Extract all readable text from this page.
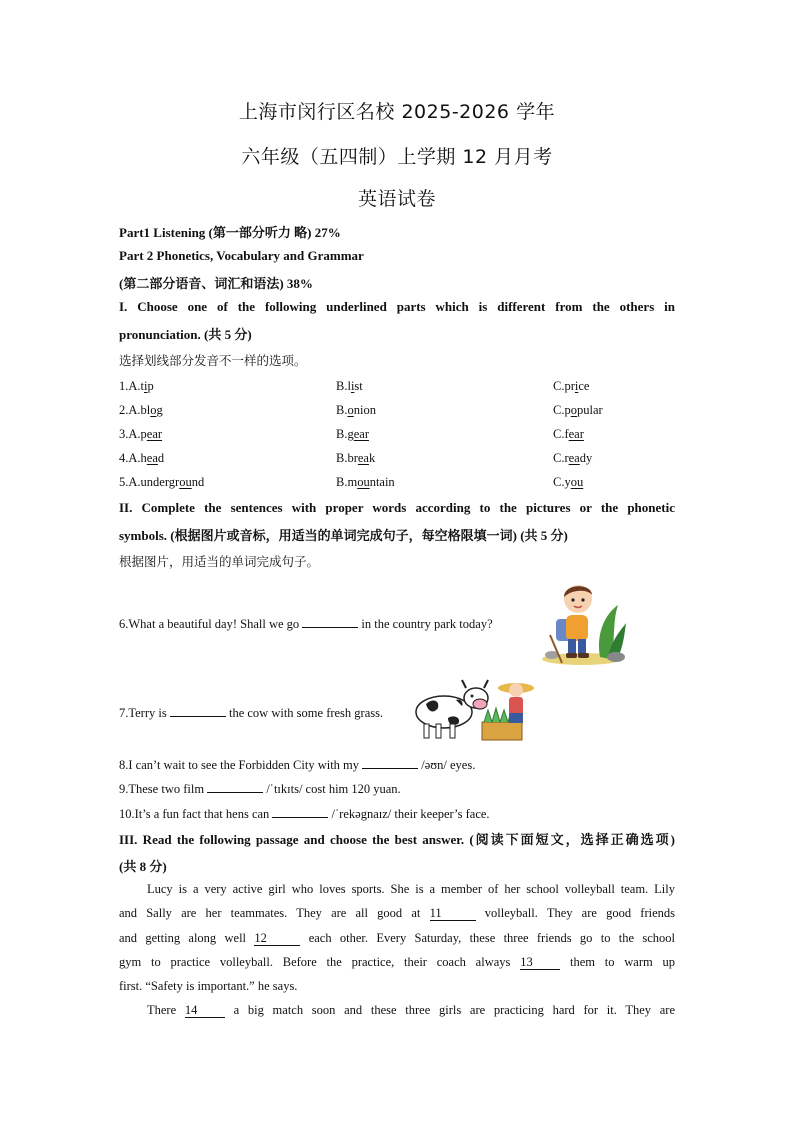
上海市闵行区名校 2025-2026 学年
六年级（五四制）上学期 12 月月考
英语试卷
Part1 Listening (第一部分听力 略) 27%
Part 2 Phonetics, Vocabulary and Grammar
(第二部分语音、词汇和语法) 38%
I. Choose one of the following underlined parts which is different from the others in
pronunciation. (共 5 分)
选择划线部分发音不一样的选项。
1.A.tip	B.list	C.price
2.A.blog	B.onion	C.popular
3.A.pear	B.gear	C.fear
4.A.head	B.break	C.ready
5.A.underground	B.mountain	C.you
II. Complete the sentences with proper words according to the pictures or the phonetic
symbols. (根据图片或音标，用适当的单词完成句子，每空格限填一词) (共 5 分)
根据图片，用适当的单词完成句子。
6.What a beautiful day! Shall we go	in the country park today?
7.Terry is	the cow with some fresh grass.
8.I can’t wait to see the Forbidden City with my	/əʊn/ eyes.
9.These two film	/ˈtɪkɪts/ cost him 120 yuan.
10.It’s a fun fact that hens can	/ˈrekəgnaɪz/ their keeper’s face.
III. Read the following passage and choose the best answer. (阅读下面短文，选择正确选项)
(共 8 分)
Lucy is a very active girl who loves sports. She is a member of her school volleyball team. Lily
and Sally are her teammates. They are all good at 11	volleyball. They are good friends
and getting along well 12	each other. Every Saturday, these three friends go to the school
gym to practice volleyball. Before the practice, their coach always 13	them to warm up
first. “Safety is important.” he says.
There 14	a big match soon and these three girls are practicing hard for it. They are
